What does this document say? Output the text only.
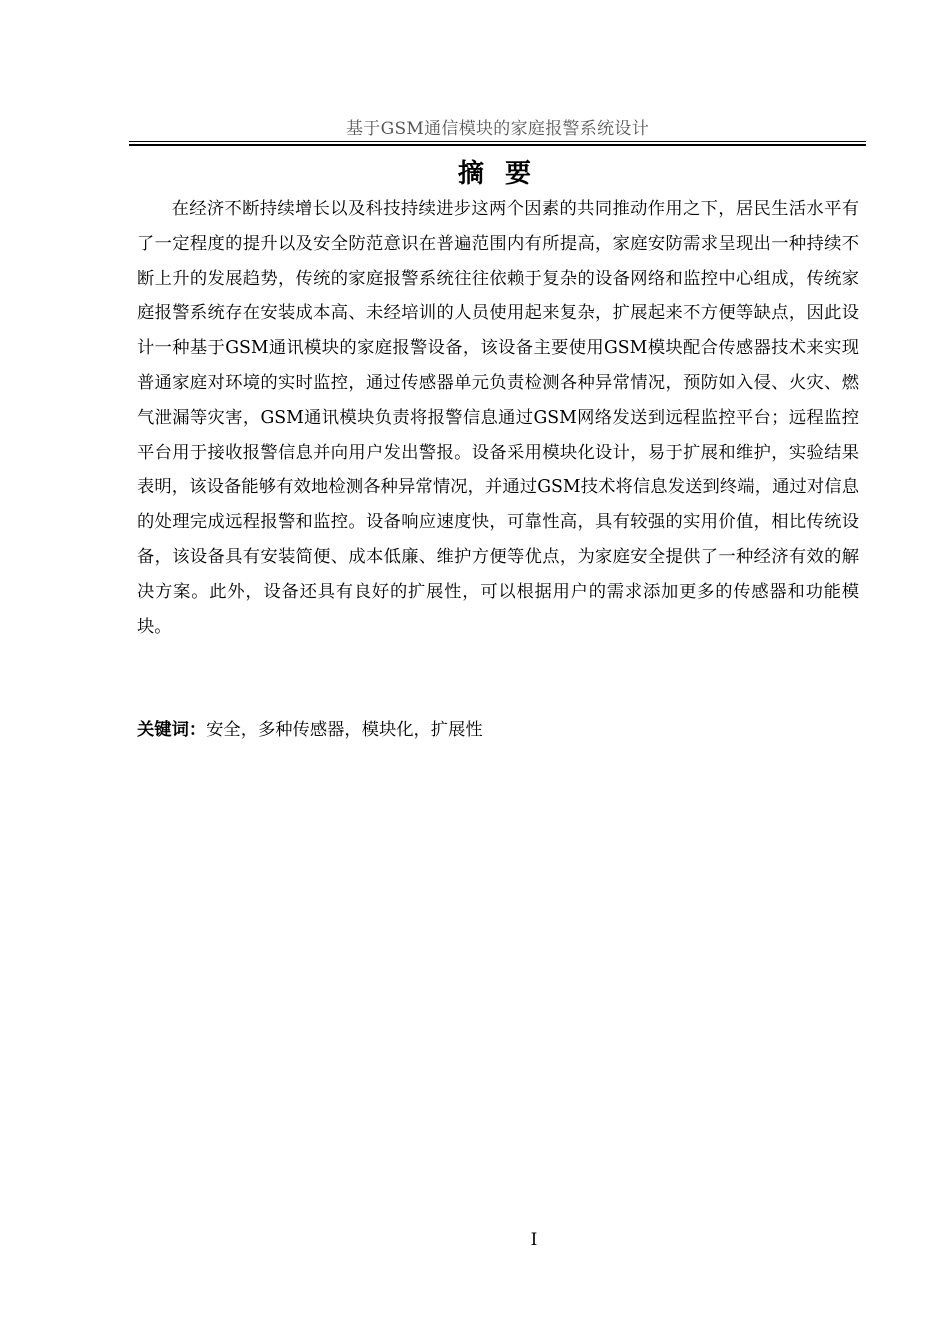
基于GSM通信模块的家庭报警系统设计
摘 要

在经济不断持续增长以及科技持续进步这两个因素的共同推动作用之下，居民生活水平有了一定程度的提升以及安全防范意识在普遍范围内有所提高，家庭安防需求呈现出一种持续不断上升的发展趋势，传统的家庭报警系统往往依赖于复杂的设备网络和监控中心组成，传统家庭报警系统存在安装成本高、未经培训的人员使用起来复杂，扩展起来不方便等缺点，因此设计一种基于GSM通讯模块的家庭报警设备，该设备主要使用GSM模块配合传感器技术来实现普通家庭对环境的实时监控，通过传感器单元负责检测各种异常情况，预防如入侵、火灾、燃气泄漏等灾害，GSM通讯模块负责将报警信息通过GSM网络发送到远程监控平台；远程监控平台用于接收报警信息并向用户发出警报。设备采用模块化设计，易于扩展和维护，实验结果表明，该设备能够有效地检测各种异常情况，并通过GSM技术将信息发送到终端，通过对信息的处理完成远程报警和监控。设备响应速度快，可靠性高，具有较强的实用价值，相比传统设备，该设备具有安装简便、成本低廉、维护方便等优点，为家庭安全提供了一种经济有效的解决方案。此外，设备还具有良好的扩展性，可以根据用户的需求添加更多的传感器和功能模块。

关键词：安全，多种传感器，模块化，扩展性
I
